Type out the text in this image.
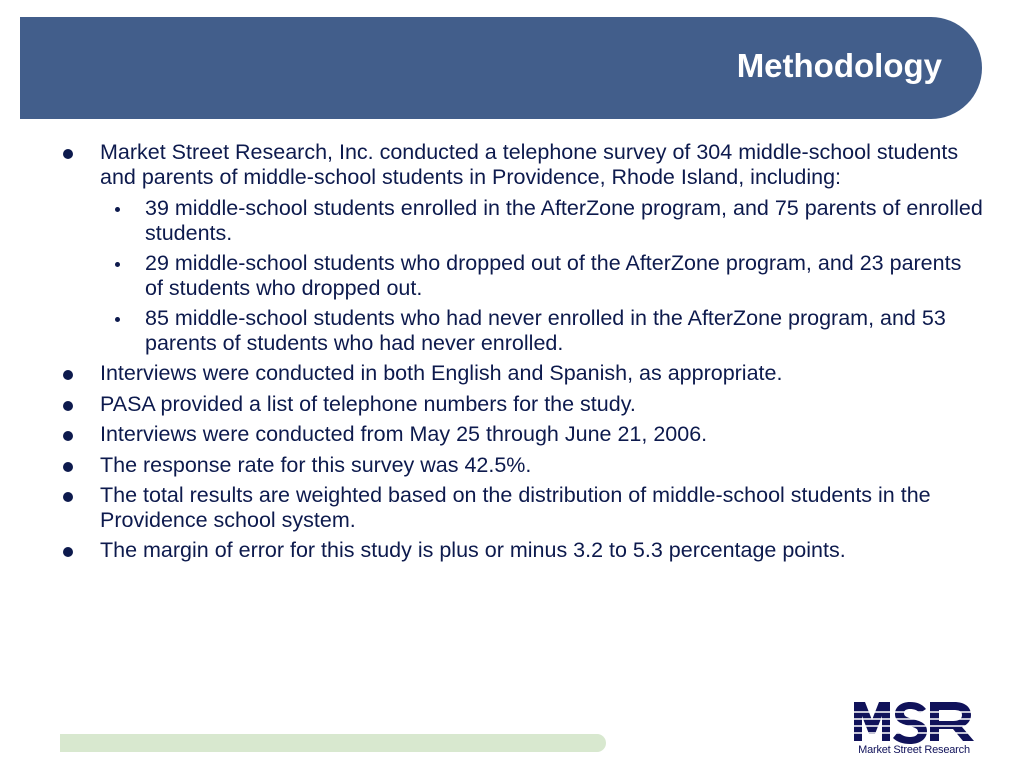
Methodology
Market Street Research, Inc. conducted a telephone survey of 304 middle-school students and parents of middle-school students in Providence, Rhode Island, including:
39 middle-school students enrolled in the AfterZone program, and 75 parents of enrolled students.
29 middle-school students who dropped out of the AfterZone program, and 23 parents of students who dropped out.
85 middle-school students who had never enrolled in the AfterZone program, and 53 parents of students who had never enrolled.
Interviews were conducted in both English and Spanish, as appropriate.
PASA provided a list of telephone numbers for the study.
Interviews were conducted from May 25 through June 21, 2006.
The response rate for this survey was 42.5%.
The total results are weighted based on the distribution of middle-school students in the Providence school system.
The margin of error for this study is plus or minus 3.2 to 5.3 percentage points.
Market Street Research
